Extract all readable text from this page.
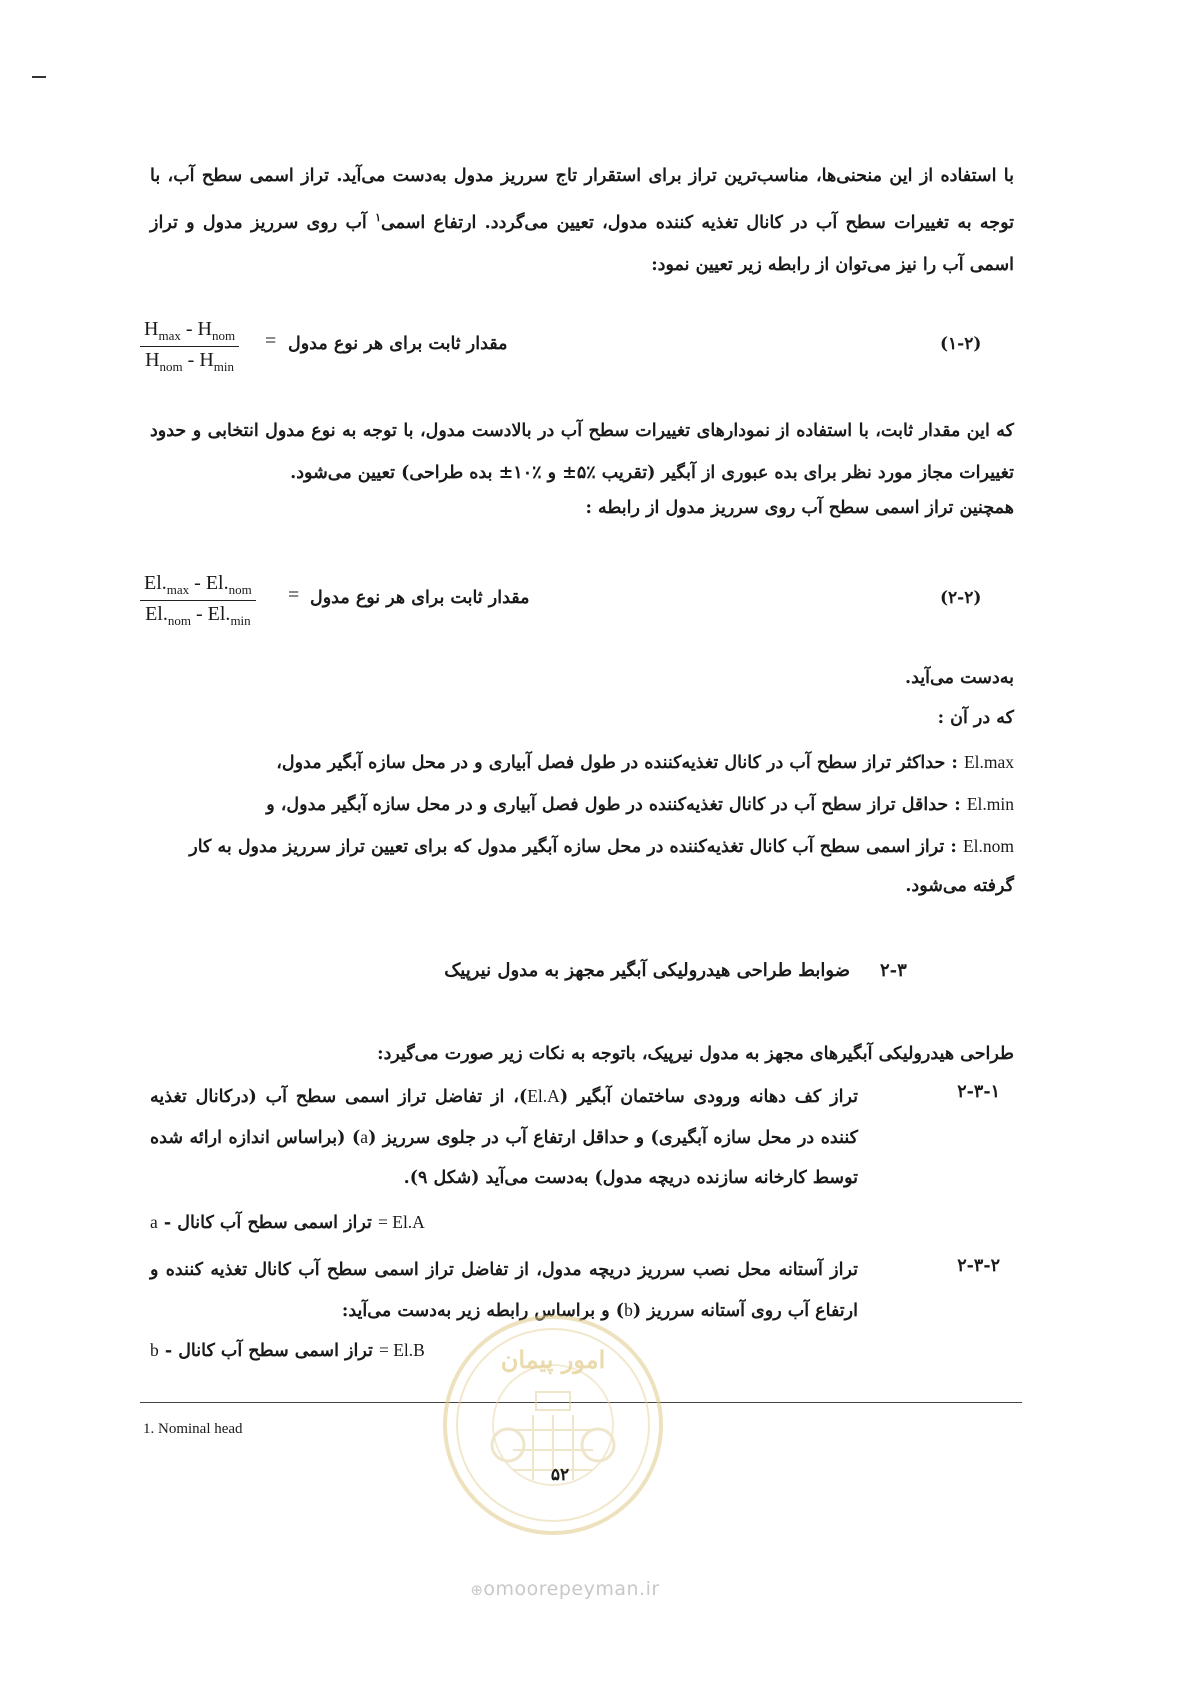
با استفاده از این منحنی‌ها، مناسب‌ترین تراز برای استقرار تاج سرریز مدول به‌دست می‌آید. تراز اسمی سطح آب، با توجه به تغییرات سطح آب در کانال تغذیه کننده مدول، تعیین می‌گردد. ارتفاع اسمی$^۱$ آب روی سرریز مدول و تراز اسمی آب را نیز می‌توان از رابطه زیر تعیین نمود:
(۱-۲)
مقدار ثابت برای هر نوع مدول
=
$H_{max} - H_{nom}$
$H_{nom} - H_{min}$
که این مقدار ثابت، با استفاده از نمودارهای تغییرات سطح آب در بالادست مدول، با توجه به نوع مدول انتخابی و حدود تغییرات مجاز مورد نظر برای بده عبوری از آبگیر (تقریب ٪۵± و ٪۱۰± بده طراحی) تعیین می‌شود.
همچنین تراز اسمی سطح آب روی سرریز مدول از رابطه :
(۲-۲)
مقدار ثابت برای هر نوع مدول
=
$El._{max} - El._{nom}$
$El._{nom} - El._{min}$
به‌دست می‌آید.
که در آن :
El.max : حداکثر تراز سطح آب در کانال تغذیه‌کننده در طول فصل آبیاری و در محل سازه آبگیر مدول،
El.min : حداقل تراز سطح آب در کانال تغذیه‌کننده در طول فصل آبیاری و در محل سازه آبگیر مدول، و
El.nom : تراز اسمی سطح آب کانال تغذیه‌کننده در محل سازه آبگیر مدول که برای تعیین تراز سرریز مدول به کار
گرفته می‌شود.
۲-۳
ضوابط طراحی هیدرولیکی آبگیر مجهز به مدول نیرپیک
طراحی هیدرولیکی آبگیرهای مجهز به مدول نیرپیک، باتوجه به نکات زیر صورت می‌گیرد:
۲-۳-۱
تراز کف دهانه ورودی ساختمان آبگیر (El.A)، از تفاضل تراز اسمی سطح آب (درکانال تغذیه کننده در محل سازه آبگیری) و حداقل ارتفاع آب در جلوی سرریز (a) (براساس اندازه ارائه شده توسط کارخانه سازنده دریچه مدول) به‌دست می‌آید (شکل ۹).
El.A = تراز اسمی سطح آب کانال - a
۲-۳-۲
تراز آستانه محل نصب سرریز دریچه مدول، از تفاضل تراز اسمی سطح آب کانال تغذیه کننده و ارتفاع آب روی آستانه سرریز (b) و براساس رابطه زیر به‌دست می‌آید:
El.B = تراز اسمی سطح آب کانال - b
1. Nominal head
امور پیمان
۵۲
⊕omoorepeyman.ir
